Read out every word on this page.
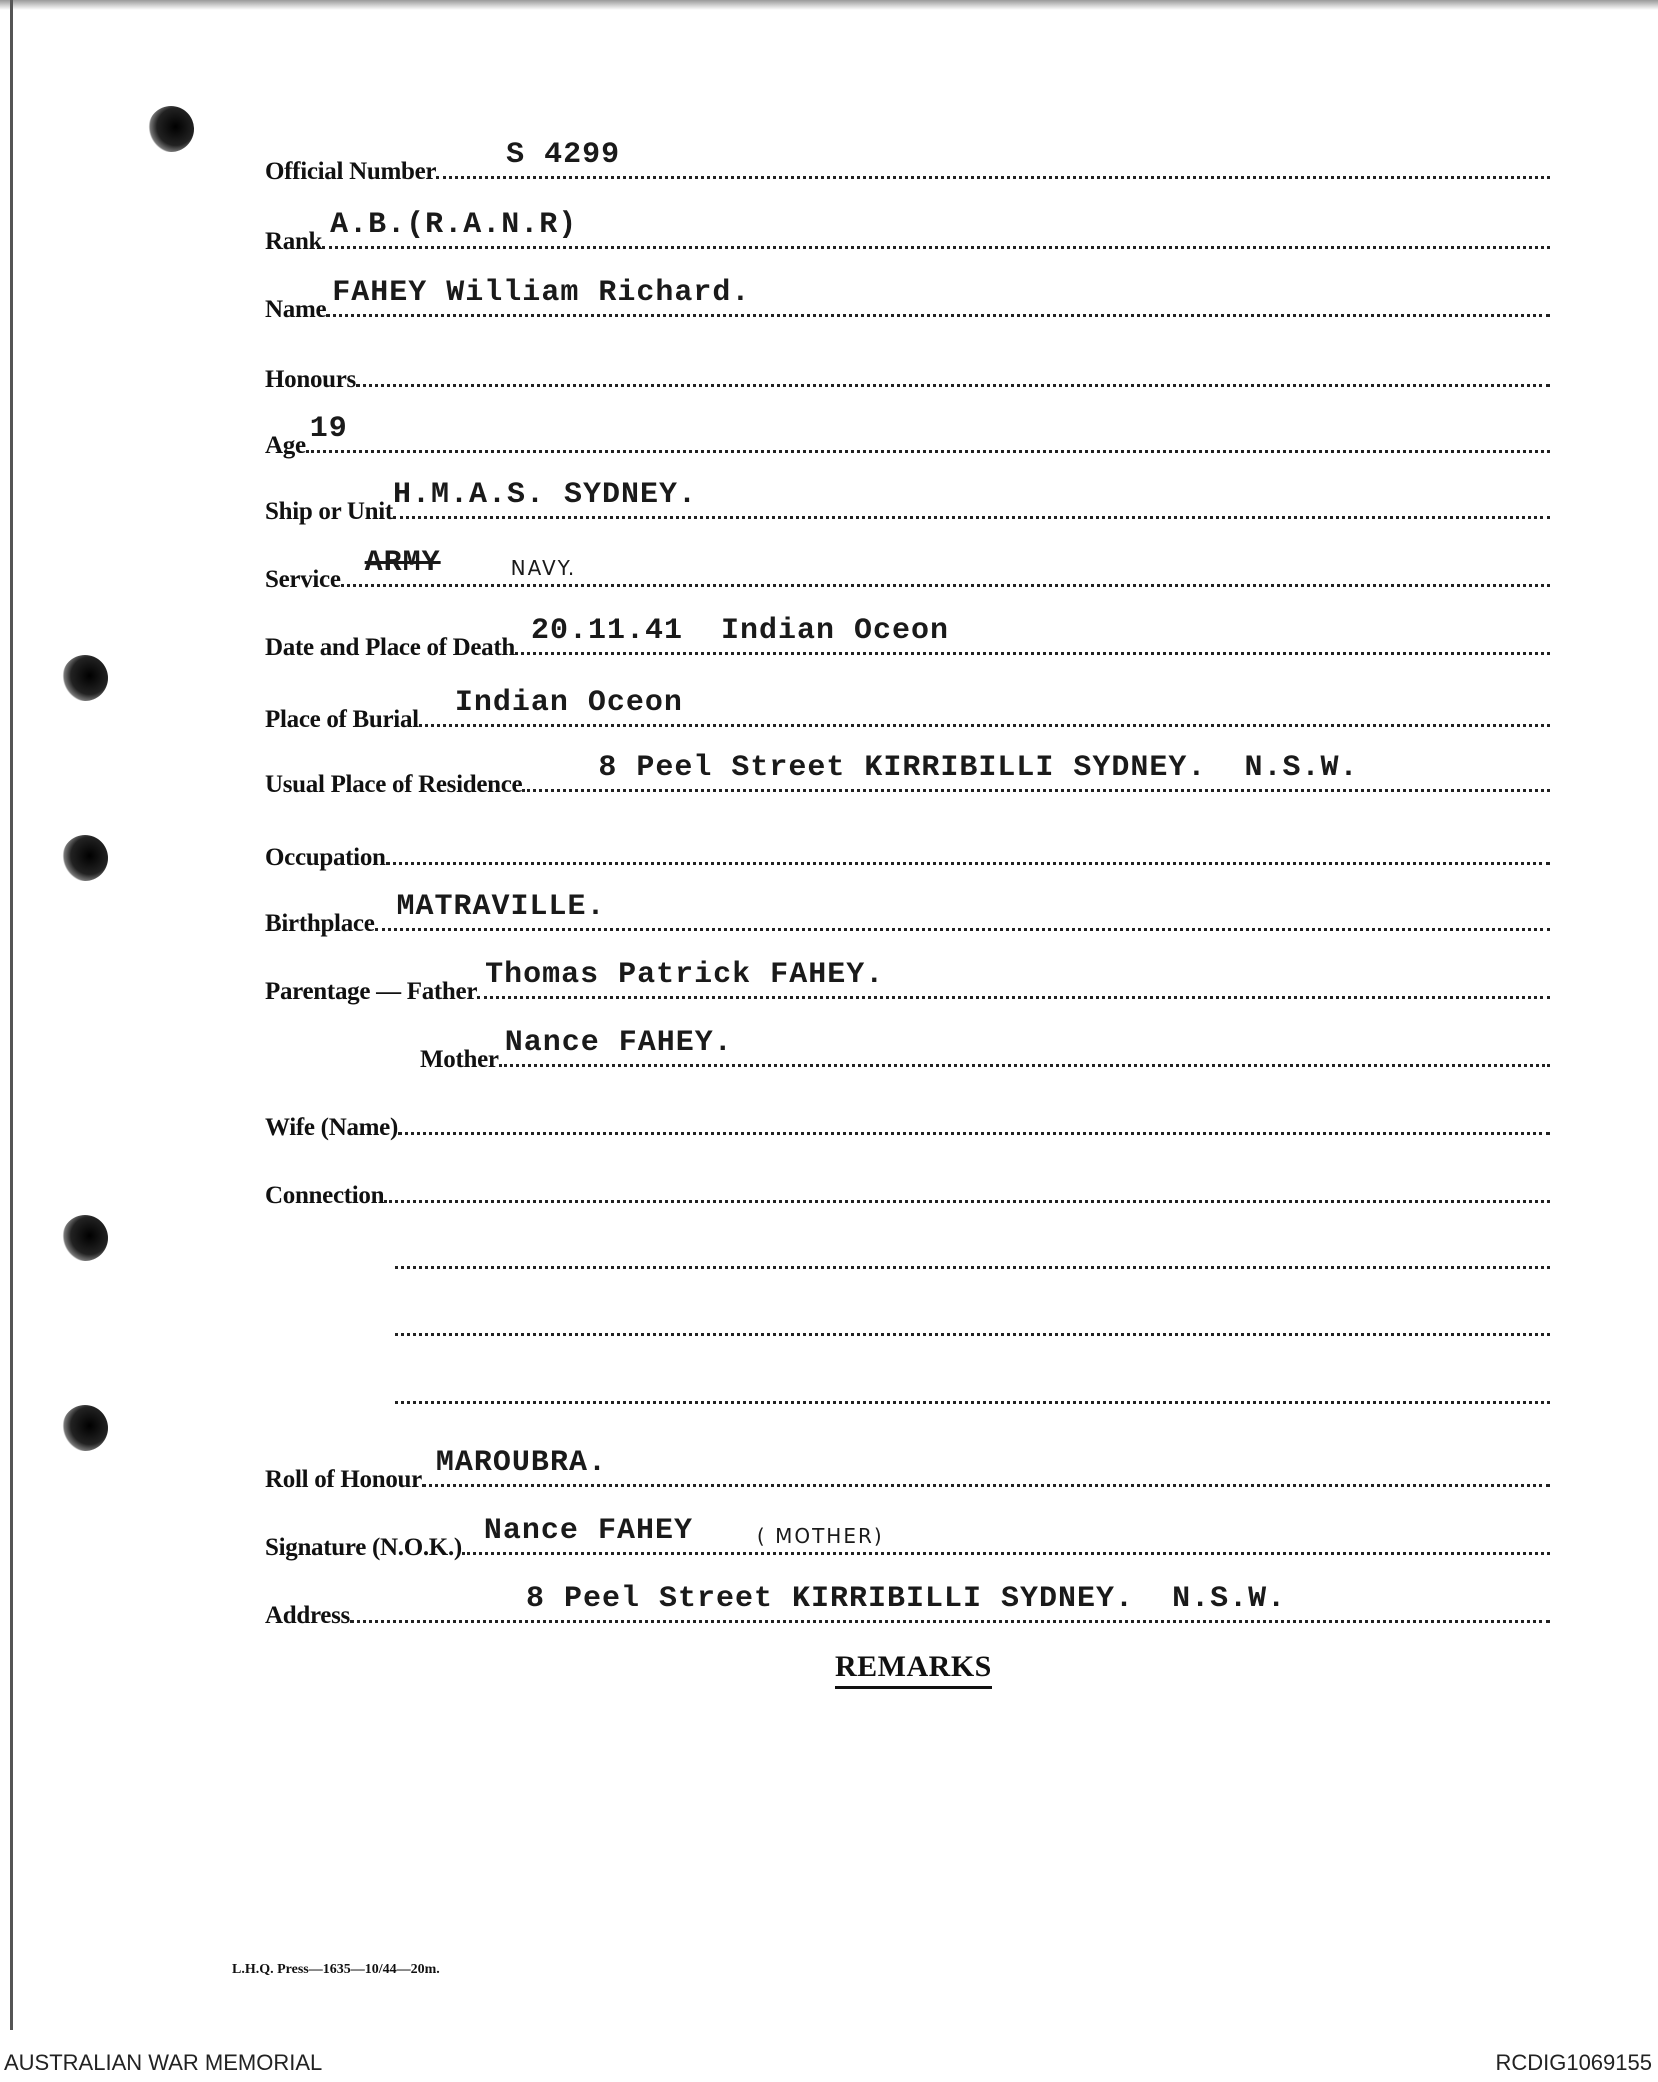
Official Number S 4299
Rank A.B.(R.A.N.R)
Name FAHEY William Richard.
Honours
Age 19
Ship or Unit H.M.A.S. SYDNEY.
Service ARMY	NAVY.
Date and Place of Death 20.11.41  Indian Oceon
Place of Burial Indian Oceon
Usual Place of Residence	8 Peel Street KIRRIBILLI SYDNEY.  N.S.W.
Occupation
Birthplace MATRAVILLE.
Parentage — Father Thomas Patrick FAHEY.
Mother Nance FAHEY.
Wife (Name)
Connection
Roll of Honour MAROUBRA.
Signature (N.O.K.) Nance FAHEY	( MOTHER)
Address	8 Peel Street KIRRIBILLI SYDNEY.  N.S.W.
REMARKS
L.H.Q. Press—1635—10/44—20m.
AUSTRALIAN WAR MEMORIAL	RCDIG1069155
